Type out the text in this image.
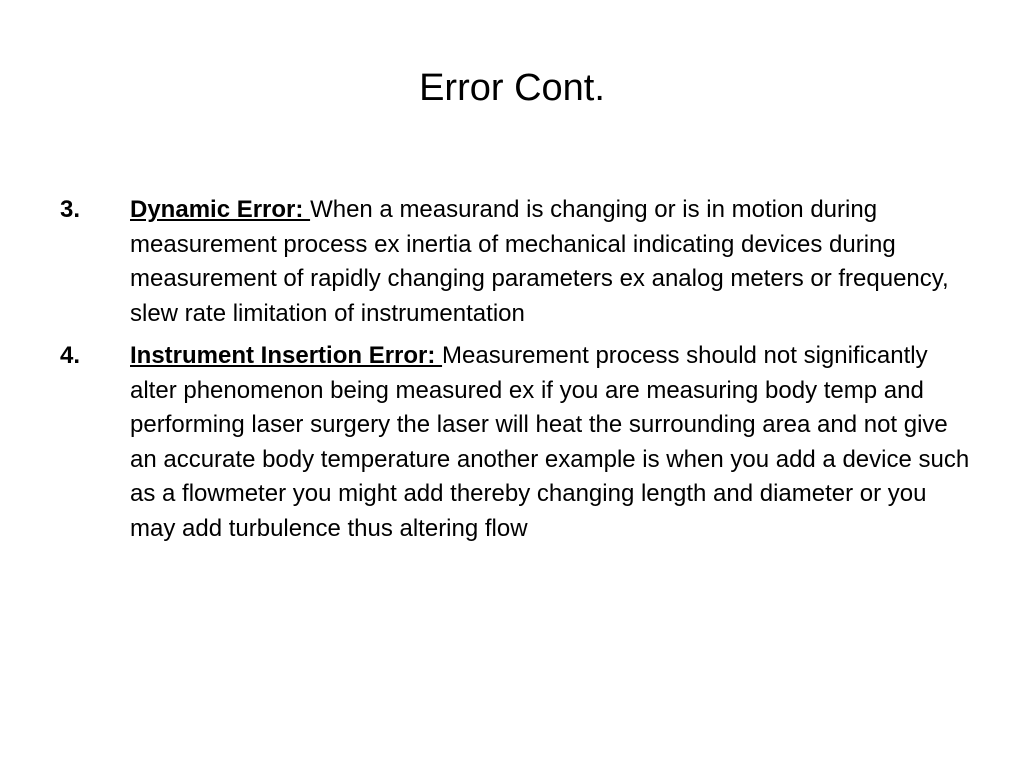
Error Cont.
3. Dynamic Error: When a measurand is changing or is in motion during measurement process ex inertia of mechanical indicating devices during measurement of rapidly changing parameters ex analog meters or frequency, slew rate limitation of instrumentation
4. Instrument Insertion Error: Measurement process should not significantly alter phenomenon being measured ex if you are measuring body temp and performing laser surgery the laser will heat the surrounding area and not give an accurate body temperature another example is when you add a device such as a flowmeter you might add thereby changing length and diameter or you may add turbulence thus altering flow
